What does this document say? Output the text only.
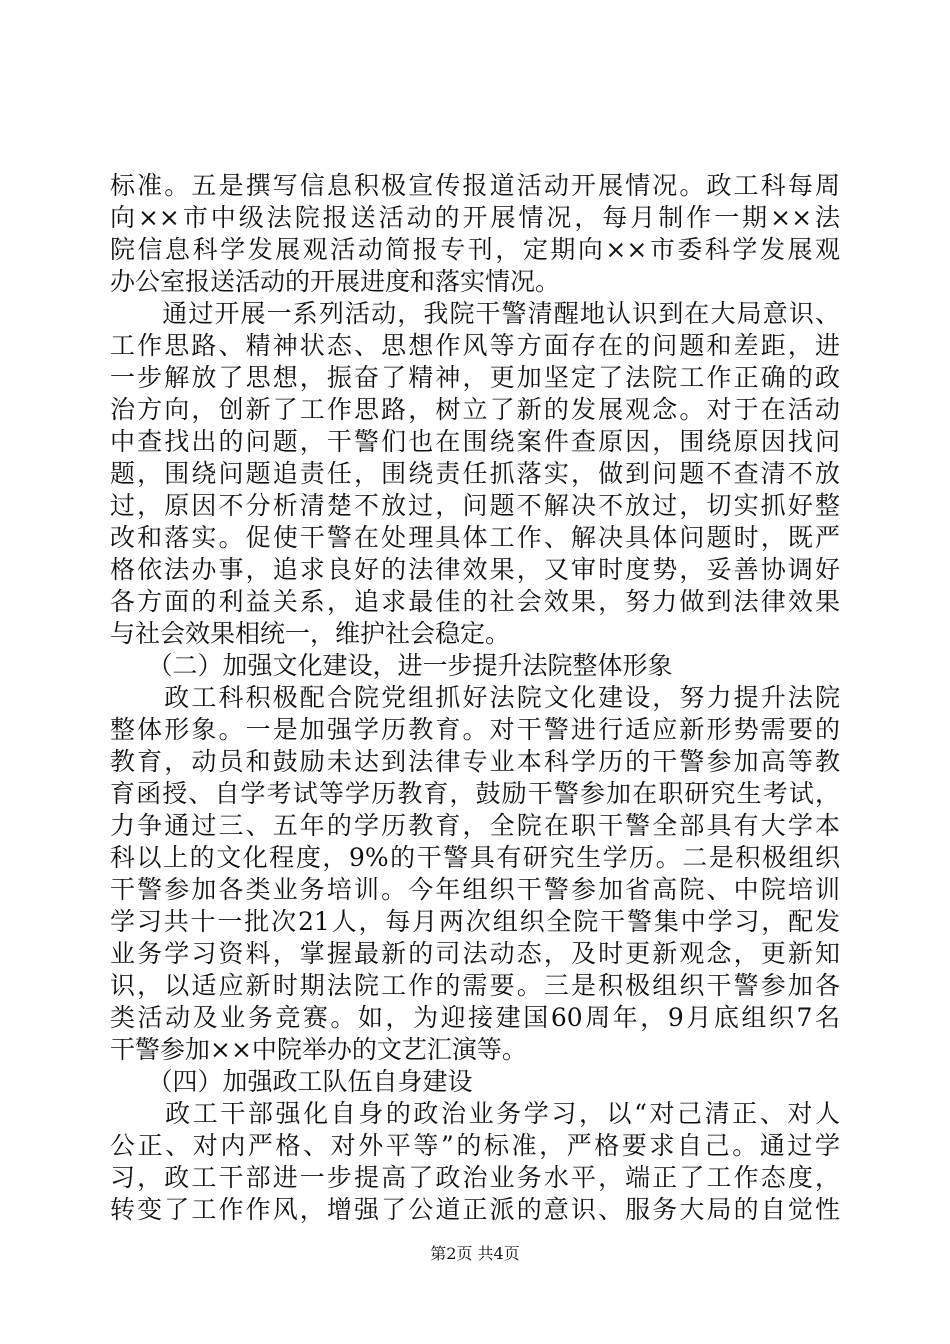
标准。五是撰写信息积极宣传报道活动开展情况。政工科每周
向××市中级法院报送活动的开展情况，每月制作一期××法
院信息科学发展观活动简报专刊，定期向××市委科学发展观
办公室报送活动的开展进度和落实情况。
　　通过开展一系列活动，我院干警清醒地认识到在大局意识、
工作思路、精神状态、思想作风等方面存在的问题和差距，进
一步解放了思想，振奋了精神，更加坚定了法院工作正确的政
治方向，创新了工作思路，树立了新的发展观念。对于在活动
中查找出的问题，干警们也在围绕案件查原因，围绕原因找问
题，围绕问题追责任，围绕责任抓落实，做到问题不查清不放
过，原因不分析清楚不放过，问题不解决不放过，切实抓好整
改和落实。促使干警在处理具体工作、解决具体问题时，既严
格依法办事，追求良好的法律效果，又审时度势，妥善协调好
各方面的利益关系，追求最佳的社会效果，努力做到法律效果
与社会效果相统一，维护社会稳定。
　　（二）加强文化建设，进一步提升法院整体形象
　　政工科积极配合院党组抓好法院文化建设，努力提升法院
整体形象。一是加强学历教育。对干警进行适应新形势需要的
教育，动员和鼓励未达到法律专业本科学历的干警参加高等教
育函授、自学考试等学历教育，鼓励干警参加在职研究生考试，
力争通过三、五年的学历教育，全院在职干警全部具有大学本
科以上的文化程度，9%的干警具有研究生学历。二是积极组织
干警参加各类业务培训。今年组织干警参加省高院、中院培训
学习共十一批次21人，每月两次组织全院干警集中学习，配发
业务学习资料，掌握最新的司法动态，及时更新观念，更新知
识，以适应新时期法院工作的需要。三是积极组织干警参加各
类活动及业务竞赛。如，为迎接建国60周年，9月底组织7名
干警参加××中院举办的文艺汇演等。
　　（四）加强政工队伍自身建设
　　政工干部强化自身的政治业务学习，以“对己清正、对人
公正、对内严格、对外平等”的标准，严格要求自己。通过学
习，政工干部进一步提高了政治业务水平，端正了工作态度，
转变了工作作风，增强了公道正派的意识、服务大局的自觉性
第2页 共4页
